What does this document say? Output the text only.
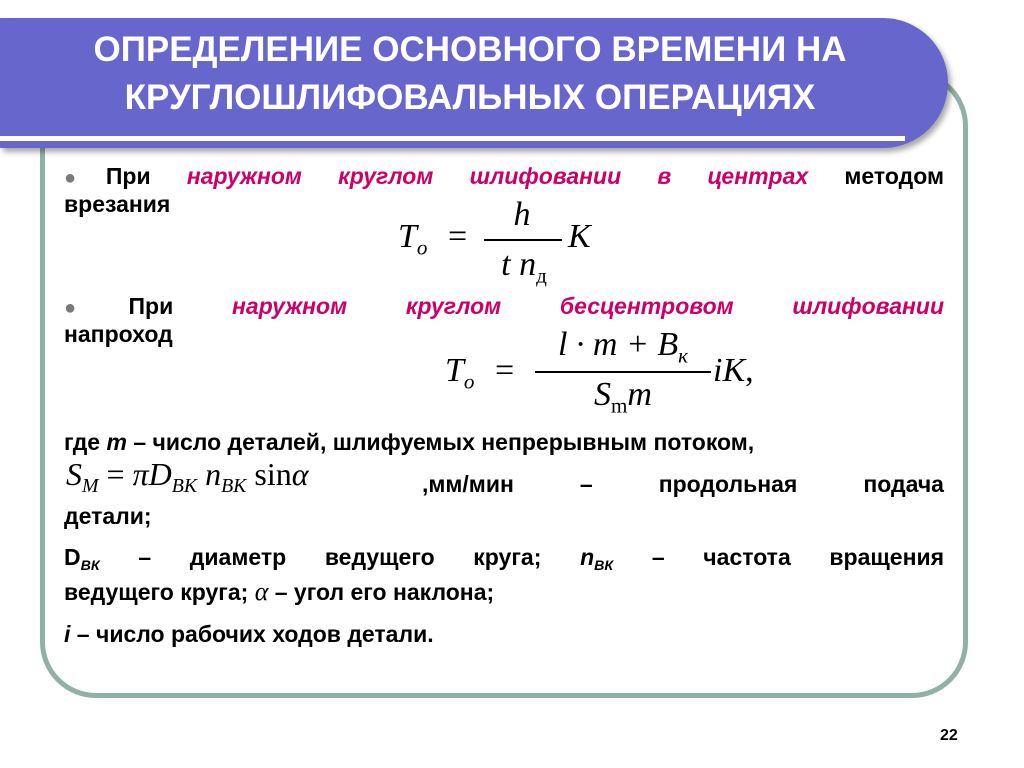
ОПРЕДЕЛЕНИЕ ОСНОВНОГО ВРЕМЕНИ НА
КРУГЛОШЛИФОВАЛЬНЫХ ОПЕРАЦИЯХ
●При наружном круглом шлифовании в центрах методом
врезания
$T_o$ =
h
t $n_д$
K
●При	наружном круглом бесцентровом шлифовании
напроход
$T_o$ =
$l \cdot m + B_к$
$S_mm$
iK,
где m – число деталей, шлифуемых непрерывным потоком,
$S_M = \pi D_{BK}$ $n_{BK}$ sinα	,мм/мин	–	продольная	подача
детали;
$D_{ВК}$ – диаметр ведущего круга; $n_{ВК}$ – частота вращения
ведущего круга; α – угол его наклона;
i – число рабочих ходов детали.
22
